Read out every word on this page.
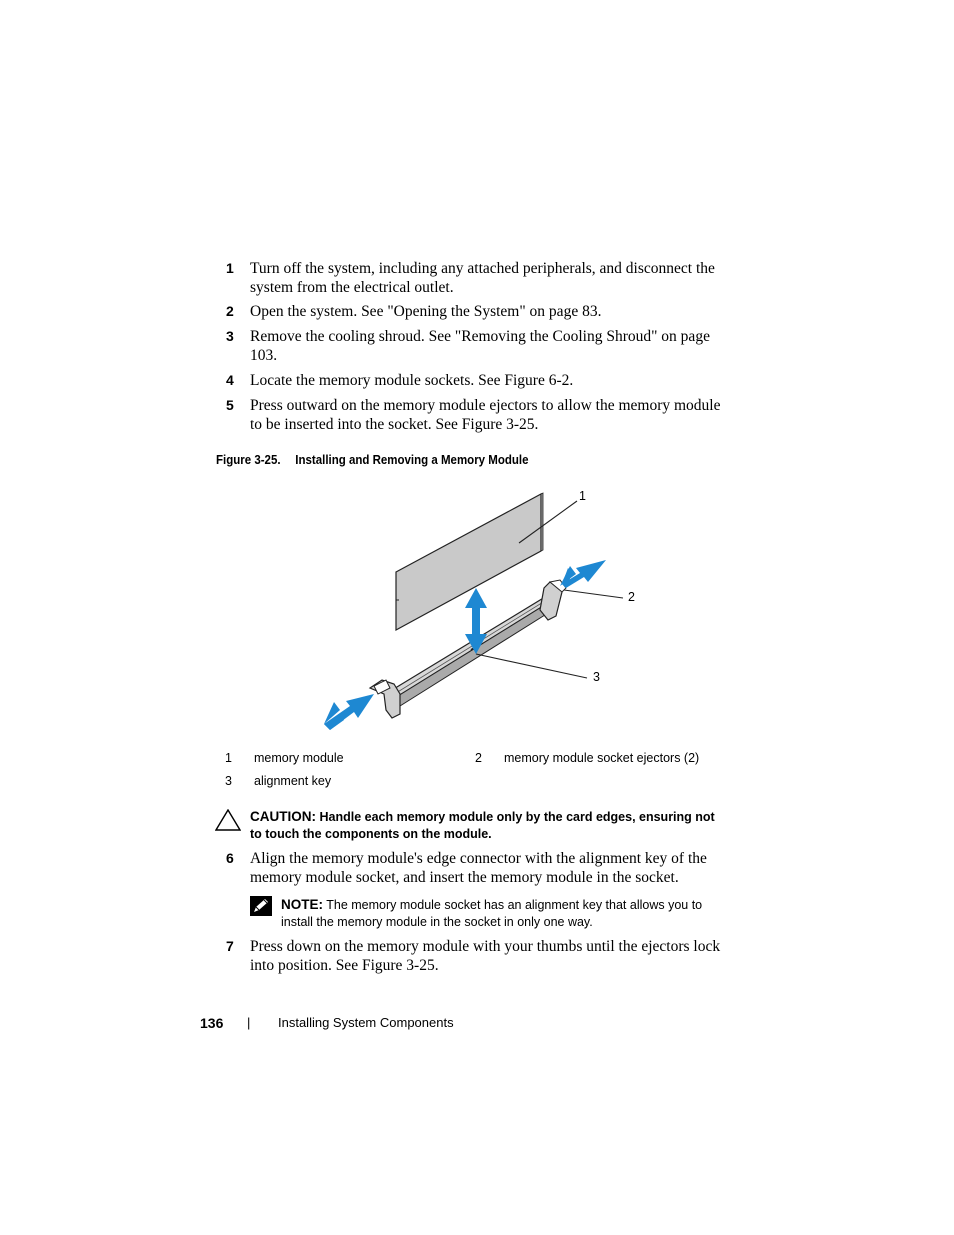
1 Turn off the system, including any attached peripherals, and disconnect the system from the electrical outlet.
2 Open the system. See "Opening the System" on page 83.
3 Remove the cooling shroud. See "Removing the Cooling Shroud" on page 103.
4 Locate the memory module sockets. See Figure 6-2.
5 Press outward on the memory module ejectors to allow the memory module to be inserted into the socket. See Figure 3-25.
Figure 3-25. Installing and Removing a Memory Module
1
2
3
1 memory module	2 memory module socket ejectors (2)
3 alignment key
CAUTION: Handle each memory module only by the card edges, ensuring not to touch the components on the module.
6 Align the memory module's edge connector with the alignment key of the memory module socket, and insert the memory module in the socket.
NOTE: The memory module socket has an alignment key that allows you to install the memory module in the socket in only one way.
7 Press down on the memory module with your thumbs until the ejectors lock into position. See Figure 3-25.
136 | Installing System Components
